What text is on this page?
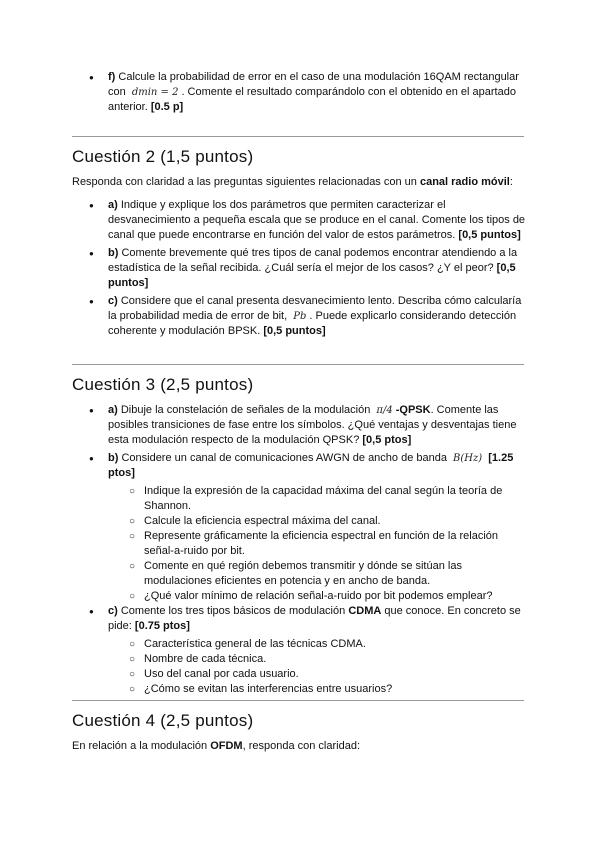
● f) Calcule la probabilidad de error en el caso de una modulación 16QAM rectangular con dmin = 2 . Comente el resultado comparándolo con el obtenido en el apartado anterior. [0.5 p]
Cuestión 2 (1,5 puntos)

Responda con claridad a las preguntas siguientes relacionadas con un canal radio móvil:

● a) Indique y explique los dos parámetros que permiten caracterizar el desvanecimiento a pequeña escala que se produce en el canal. Comente los tipos de canal que puede encontrarse en función del valor de estos parámetros. [0,5 puntos]
● b) Comente brevemente qué tres tipos de canal podemos encontrar atendiendo a la estadística de la señal recibida. ¿Cuál sería el mejor de los casos? ¿Y el peor? [0,5 puntos]
● c) Considere que el canal presenta desvanecimiento lento. Describa cómo calcularía la probabilidad media de error de bit, Pb . Puede explicarlo considerando detección coherente y modulación BPSK. [0,5 puntos]
Cuestión 3 (2,5 puntos)
● a) Dibuje la constelación de señales de la modulación π/4 -QPSK. Comente las posibles transiciones de fase entre los símbolos. ¿Qué ventajas y desventajas tiene esta modulación respecto de la modulación QPSK? [0,5 ptos]
● b) Considere un canal de comunicaciones AWGN de ancho de banda B(Hz) [1.25 ptos]
○ Indique la expresión de la capacidad máxima del canal según la teoría de Shannon.
○ Calcule la eficiencia espectral máxima del canal.
○ Represente gráficamente la eficiencia espectral en función de la relación señal-a-ruido por bit.
○ Comente en qué región debemos transmitir y dónde se sitúan las modulaciones eficientes en potencia y en ancho de banda.
○ ¿Qué valor mínimo de relación señal-a-ruido por bit podemos emplear?
● c) Comente los tres tipos básicos de modulación CDMA que conoce. En concreto se pide: [0.75 ptos]
○ Característica general de las técnicas CDMA.
○ Nombre de cada técnica.
○ Uso del canal por cada usuario.
○ ¿Cómo se evitan las interferencias entre usuarios?
Cuestión 4 (2,5 puntos)

En relación a la modulación OFDM, responda con claridad:
